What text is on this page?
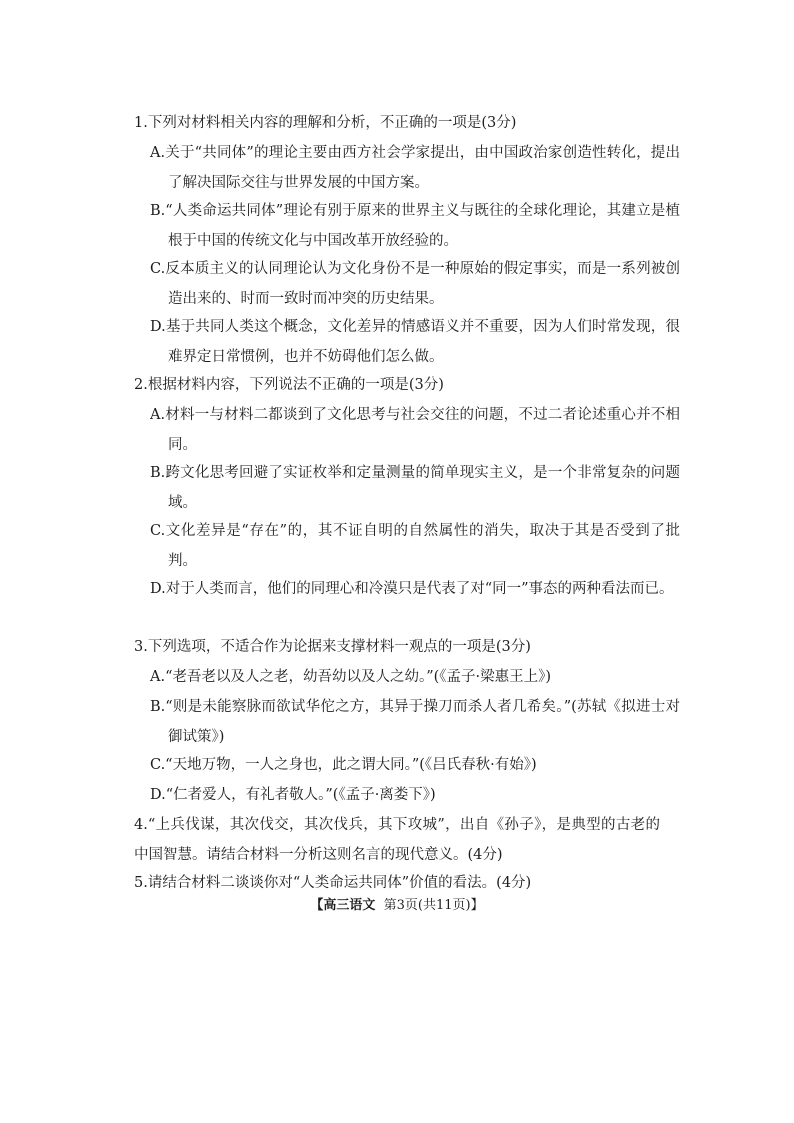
1.下列对材料相关内容的理解和分析，不正确的一项是(3分)
A.关于“共同体”的理论主要由西方社会学家提出，由中国政治家创造性转化，提出了解决国际交往与世界发展的中国方案。
B.“人类命运共同体”理论有别于原来的世界主义与既往的全球化理论，其建立是植根于中国的传统文化与中国改革开放经验的。
C.反本质主义的认同理论认为文化身份不是一种原始的假定事实，而是一系列被创造出来的、时而一致时而冲突的历史结果。
D.基于共同人类这个概念，文化差异的情感语义并不重要，因为人们时常发现，很难界定日常惯例，也并不妨碍他们怎么做。
2.根据材料内容，下列说法不正确的一项是(3分)
A.材料一与材料二都谈到了文化思考与社会交往的问题，不过二者论述重心并不相同。
B.跨文化思考回避了实证枚举和定量测量的简单现实主义，是一个非常复杂的问题域。
C.文化差异是“存在”的，其不证自明的自然属性的消失，取决于其是否受到了批判。
D.对于人类而言，他们的同理心和冷漠只是代表了对“同一”事态的两种看法而已。
3.下列选项，不适合作为论据来支撑材料一观点的一项是(3分)
A.“老吾老以及人之老，幼吾幼以及人之幼。”(《孟子·梁惠王上》)
B.“则是未能察脉而欲试华佗之方，其异于操刀而杀人者几希矣。”(苏轼《拟进士对御试策》)
C.“天地万物，一人之身也，此之谓大同。”(《吕氏春秋·有始》)
D.“仁者爱人，有礼者敬人。”(《孟子·离娄下》)
4.“上兵伐谋，其次伐交，其次伐兵，其下攻城”，出自《孙子》，是典型的古老的中国智慧。请结合材料一分析这则名言的现代意义。(4分)
5.请结合材料二谈谈你对“人类命运共同体”价值的看法。(4分)
【高三语文 第3页(共11页)】
